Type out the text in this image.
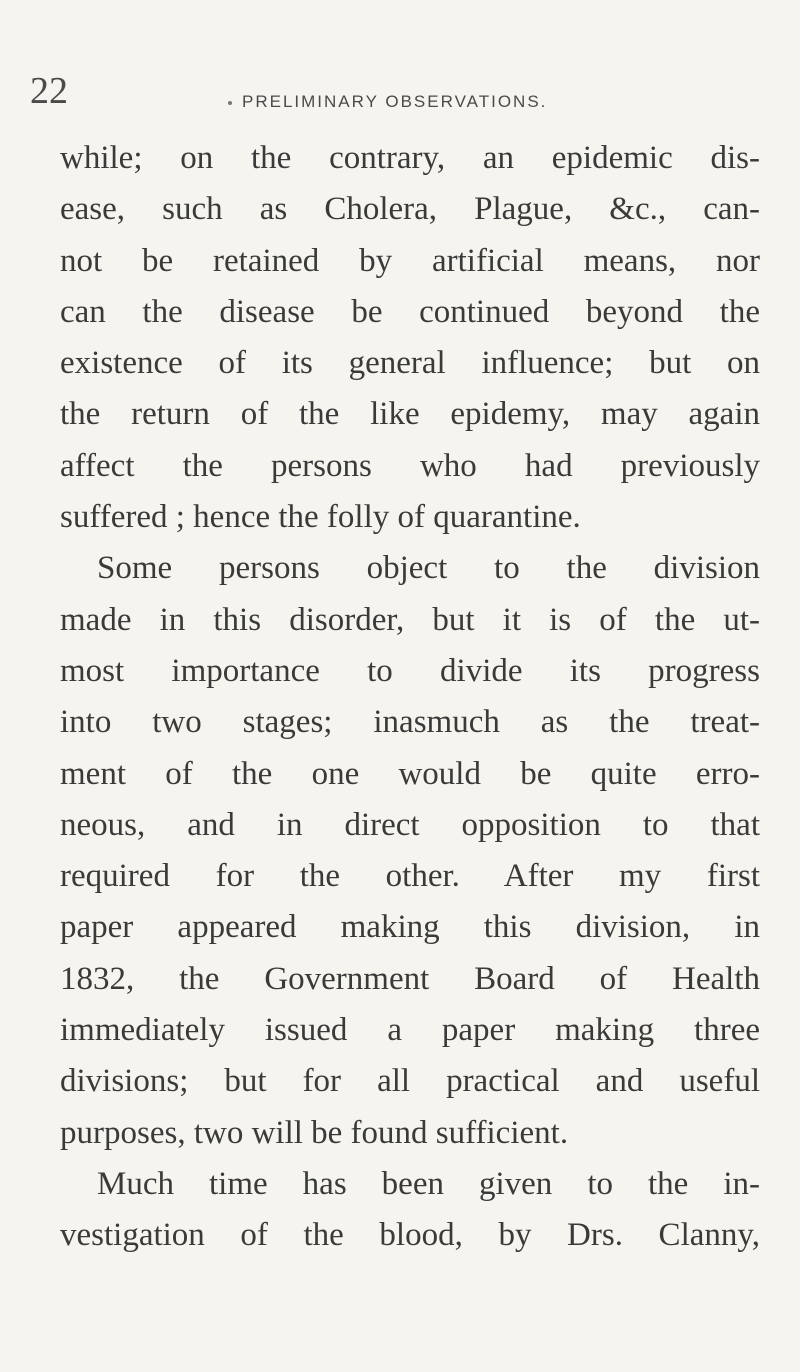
22	PRELIMINARY OBSERVATIONS.
while; on the contrary, an epidemic dis-
ease, such as Cholera, Plague, &c., can-
not be retained by artificial means, nor
can the disease be continued beyond the
existence of its general influence; but on
the return of the like epidemy, may again
affect the persons who had previously
suffered ; hence the folly of quarantine.
Some persons object to the division
made in this disorder, but it is of the ut-
most importance to divide its progress
into two stages; inasmuch as the treat-
ment of the one would be quite erro-
neous, and in direct opposition to that
required for the other. After my first
paper appeared making this division, in
1832, the Government Board of Health
immediately issued a paper making three
divisions; but for all practical and useful
purposes, two will be found sufficient.
Much time has been given to the in-
vestigation of the blood, by Drs. Clanny,
